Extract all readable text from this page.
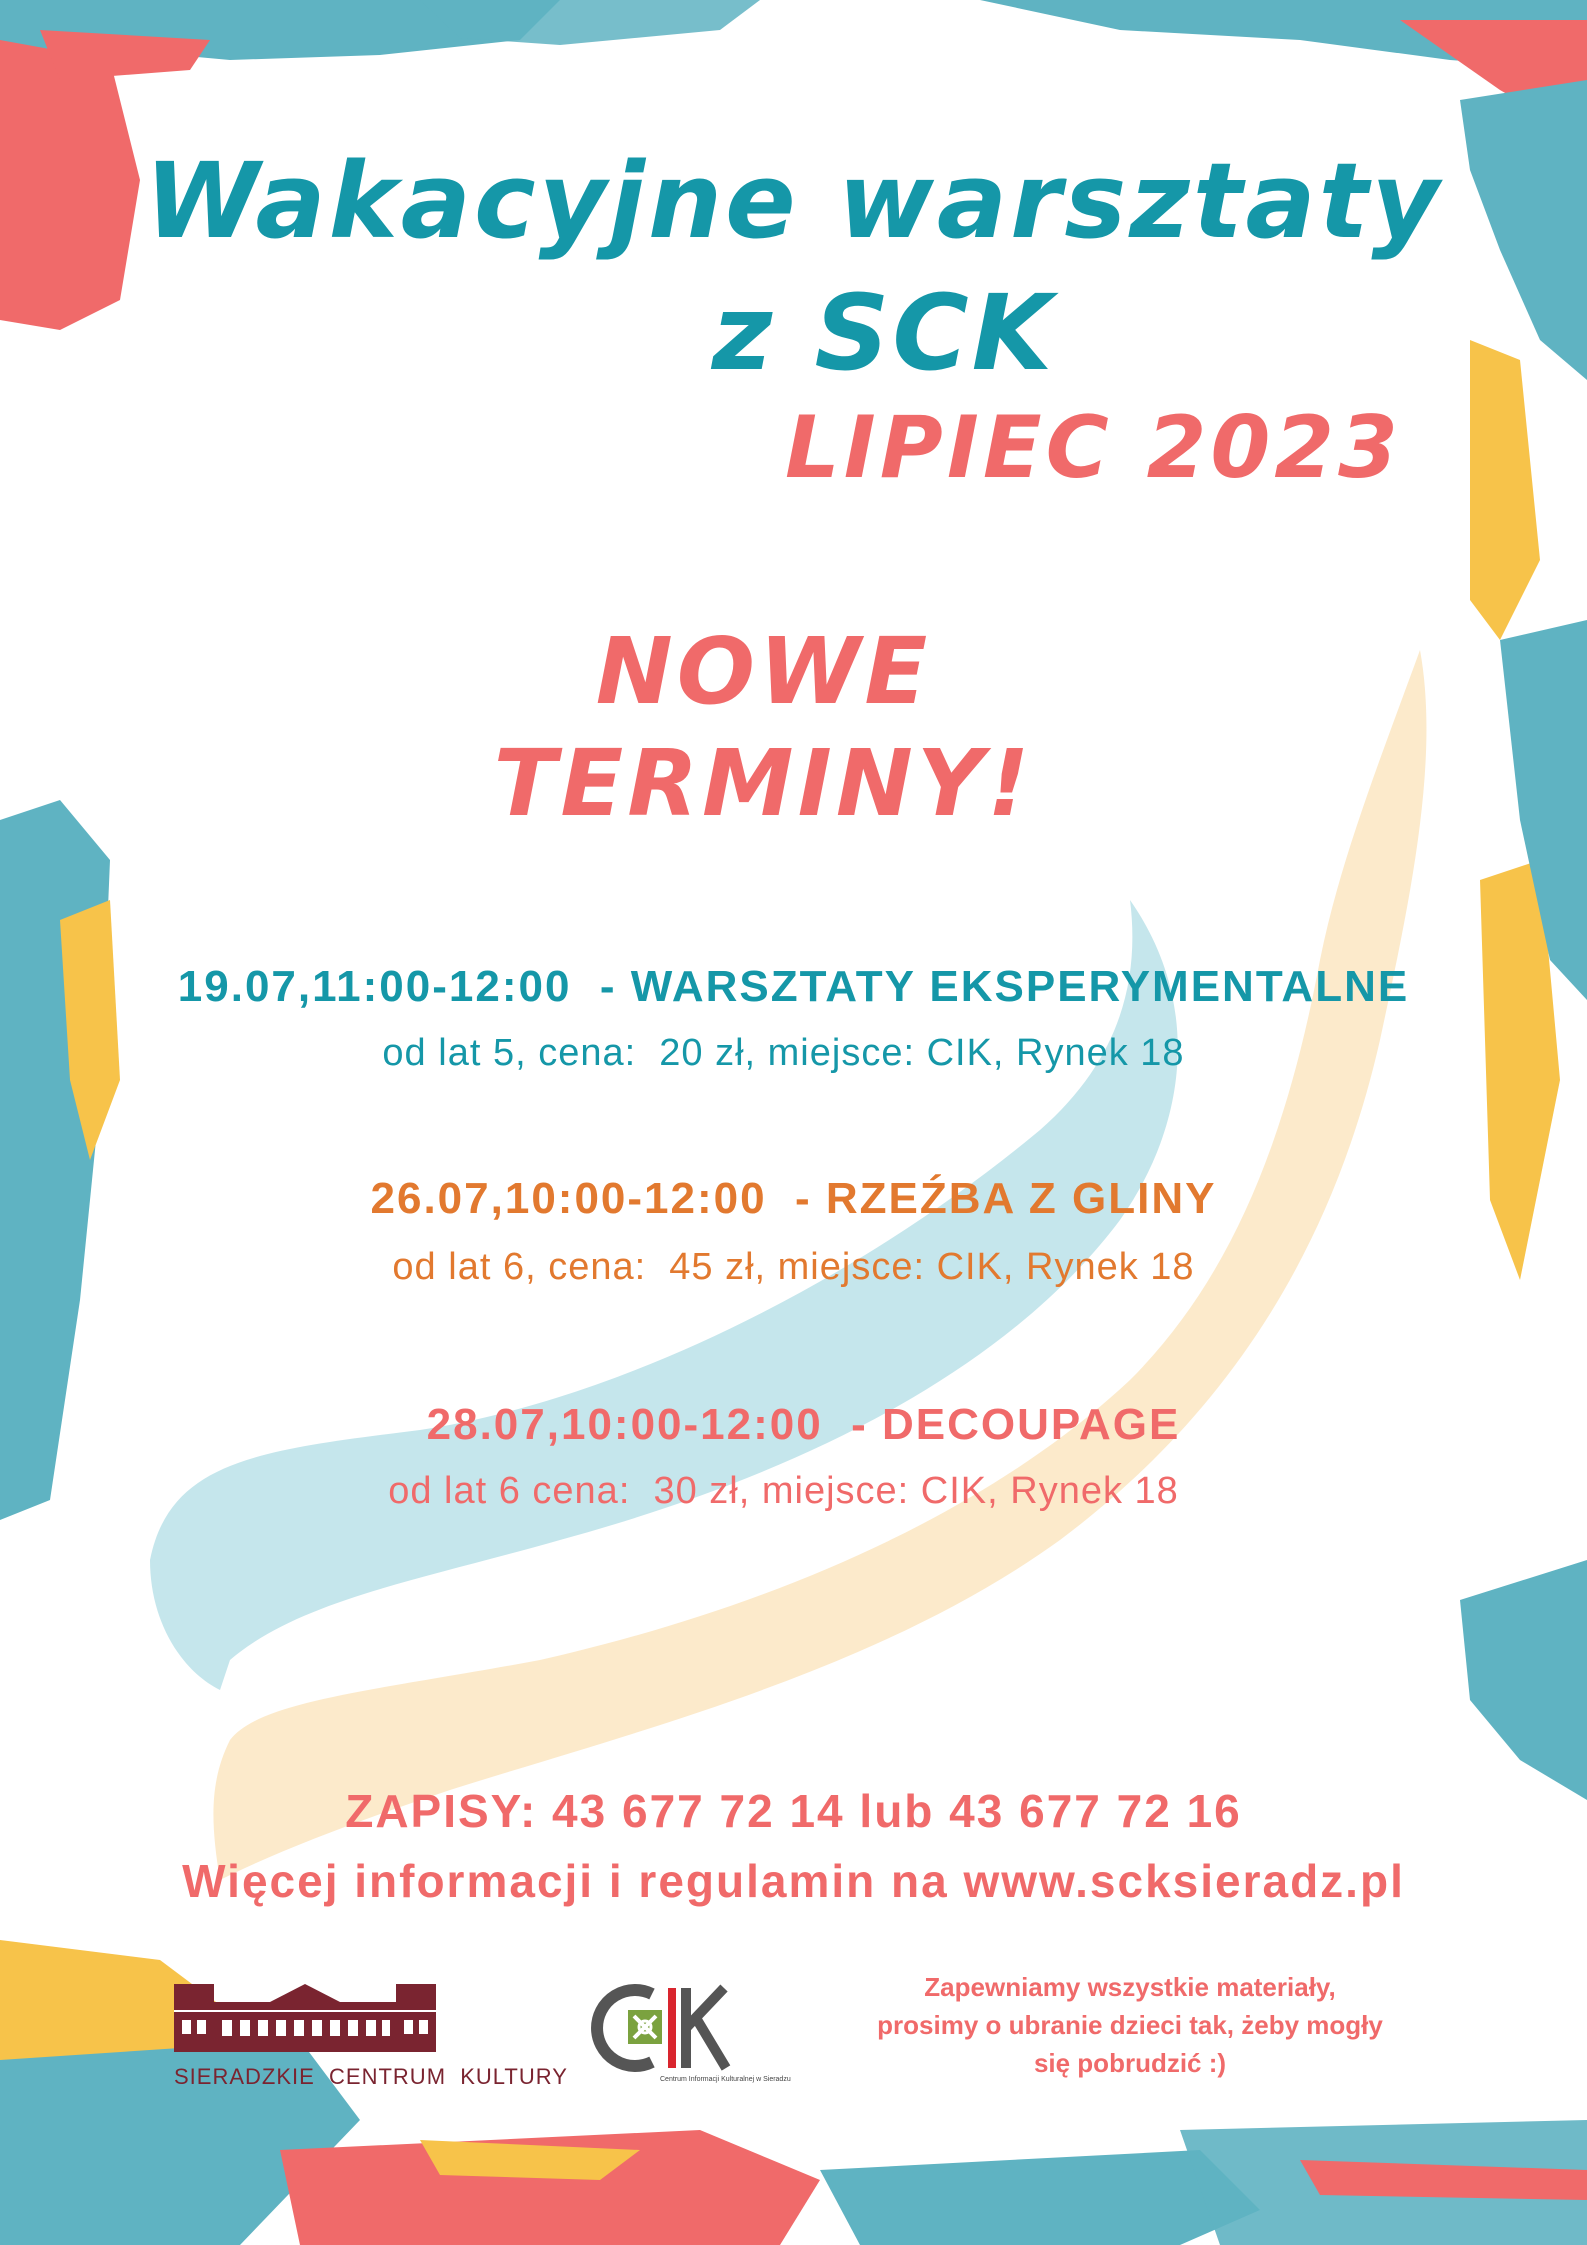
Wakacyjne warsztaty
z SCK
LIPIEC 2023
NOWE
TERMINY!
19.07,11:00-12:00  - WARSZTATY EKSPERYMENTALNE
od lat 5, cena:  20 zł, miejsce: CIK, Rynek 18
26.07,10:00-12:00  - RZEŹBA Z GLINY
od lat 6, cena:  45 zł, miejsce: CIK, Rynek 18
28.07,10:00-12:00  - DECOUPAGE
od lat 6 cena:  30 zł, miejsce: CIK, Rynek 18
ZAPISY: 43 677 72 14 lub 43 677 72 16
Więcej informacji i regulamin na www.scksieradz.pl
SIERADZKIE  CENTRUM  KULTURY	Centrum Informacji Kulturalnej w Sieradzu
Zapewniamy wszystkie materiały,
prosimy o ubranie dzieci tak, żeby mogły
się pobrudzić :)
